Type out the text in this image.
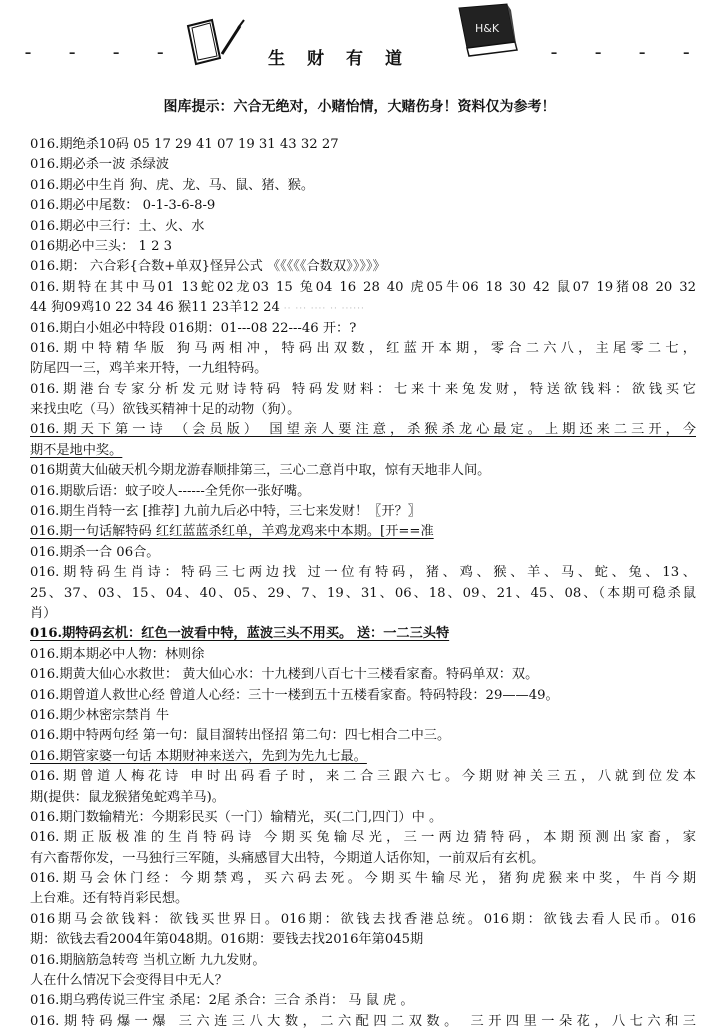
- - - -	生财有道
H&K
- - - -
图库提示：六合无绝对，小赌怡情，大赌伤身！资料仅为参考！
016.期绝杀10码 05 17 29 41 07 19 31 43 32 27
016.期必杀一波 杀绿波
016.期必中生肖 狗、虎、龙、马、鼠、猪、猴。
016.期必中尾数： 0-1-3-6-8-9
016.期必中三行：土、火、水
016期必中三头： 1 2 3
016.期： 六合彩{合数+单双}怪异公式 《《《《《合数双》》》》》
016.期特在其中马01 13蛇02龙03 15 兔04 16 28 40 虎05牛06 18 30 42 鼠07 19猪08 20 32
44 狗09鸡10 22 34 46 猴11 23羊12 24 ·· ··· ···· ·· ······
016.期白小姐必中特段 016期：01---08 22---46 开：?
016.期中特精华版 狗马两相冲，特码出双数，红蓝开本期，零合二六八，主尾零二七，
防尾四一三，鸡羊来开特，一九组特码。
016.期港台专家分析发元财诗特码 特码发财料：七来十来兔发财，特送欲钱料：欲钱买它
来找虫吃（马）欲钱买精神十足的动物（狗）。
016.期天下第一诗 （会员版） 国望亲人要注意，杀猴杀龙心最定。上期还来二三开，今
期不是地中奖。
016期黄大仙破天机今期龙游春顺排第三，三心二意肖中取，惊有天地非人间。
016.期歇后语：蚊子咬人------全凭你一张好嘴。
016.期生肖特一玄 [推荐] 九前九后必中特，三七来发财！〖开？〗
016.期一句话解特码 红红蓝蓝杀红单，羊鸡龙鸡来中本期。[开==准
016.期杀一合 06合。
016.期特码生肖诗：特码三七两边找 过一位有特码，猪、鸡、猴、羊、马、蛇、兔、13、
25、37、03、15、04、40、05、29、7、19、31、06、18、09、21、45、08、（本期可稳杀鼠
肖）
016.期特码玄机：红色一波看中特，蓝波三头不用买。 送：一二三头特
016.期本期必中人物：林则徐
016.期黄大仙心水救世： 黄大仙心水：十九楼到八百七十三楼看家畜。特码单双：双。
016.期曾道人救世心经 曾道人心经：三十一楼到五十五楼看家畜。特码特段：29——49。
016.期少林密宗禁肖 牛
016.期中特两句经 第一句：鼠目溜转出怪招 第二句：四七相合二中三。
016.期管家婆一句话 本期财神来送六，先到为先九七最。
016.期曾道人梅花诗 申时出码看子时，来二合三跟六七。今期财神关三五，八就到位发本
期(提供：鼠龙猴猪兔蛇鸡羊马)。
016.期门数输精光：今期彩民买（一门）输精光，买(二门,四门）中 。
016.期正版极准的生肖特码诗 今期买兔输尽光，三一两边猜特码，本期预测出家畜，家
有六畜帮你发，一马独行三军随，头痛感冒大出特，今期道人话你知，一前双后有玄机。
016.期马会休门经：今期禁鸡，买六码去死。今期买牛输尽光，猪狗虎猴来中奖，牛肖今期
上台难。还有特肖彩民想。
016期马会欲钱料：欲钱买世界日。016期：欲钱去找香港总统。016期：欲钱去看人民币。016
期：欲钱去看2004年第048期。016期：要钱去找2016年第045期
016.期脑筋急转弯 当机立断 九九发财。
人在什么情况下会变得目中无人？
016.期乌鸦传说三件宝 杀尾：2尾 杀合：三合 杀肖： 马 鼠 虎 。
016.期特码爆一爆 三六连三八大数，二六配四二双数。 三开四里一朵花，八七六和三
